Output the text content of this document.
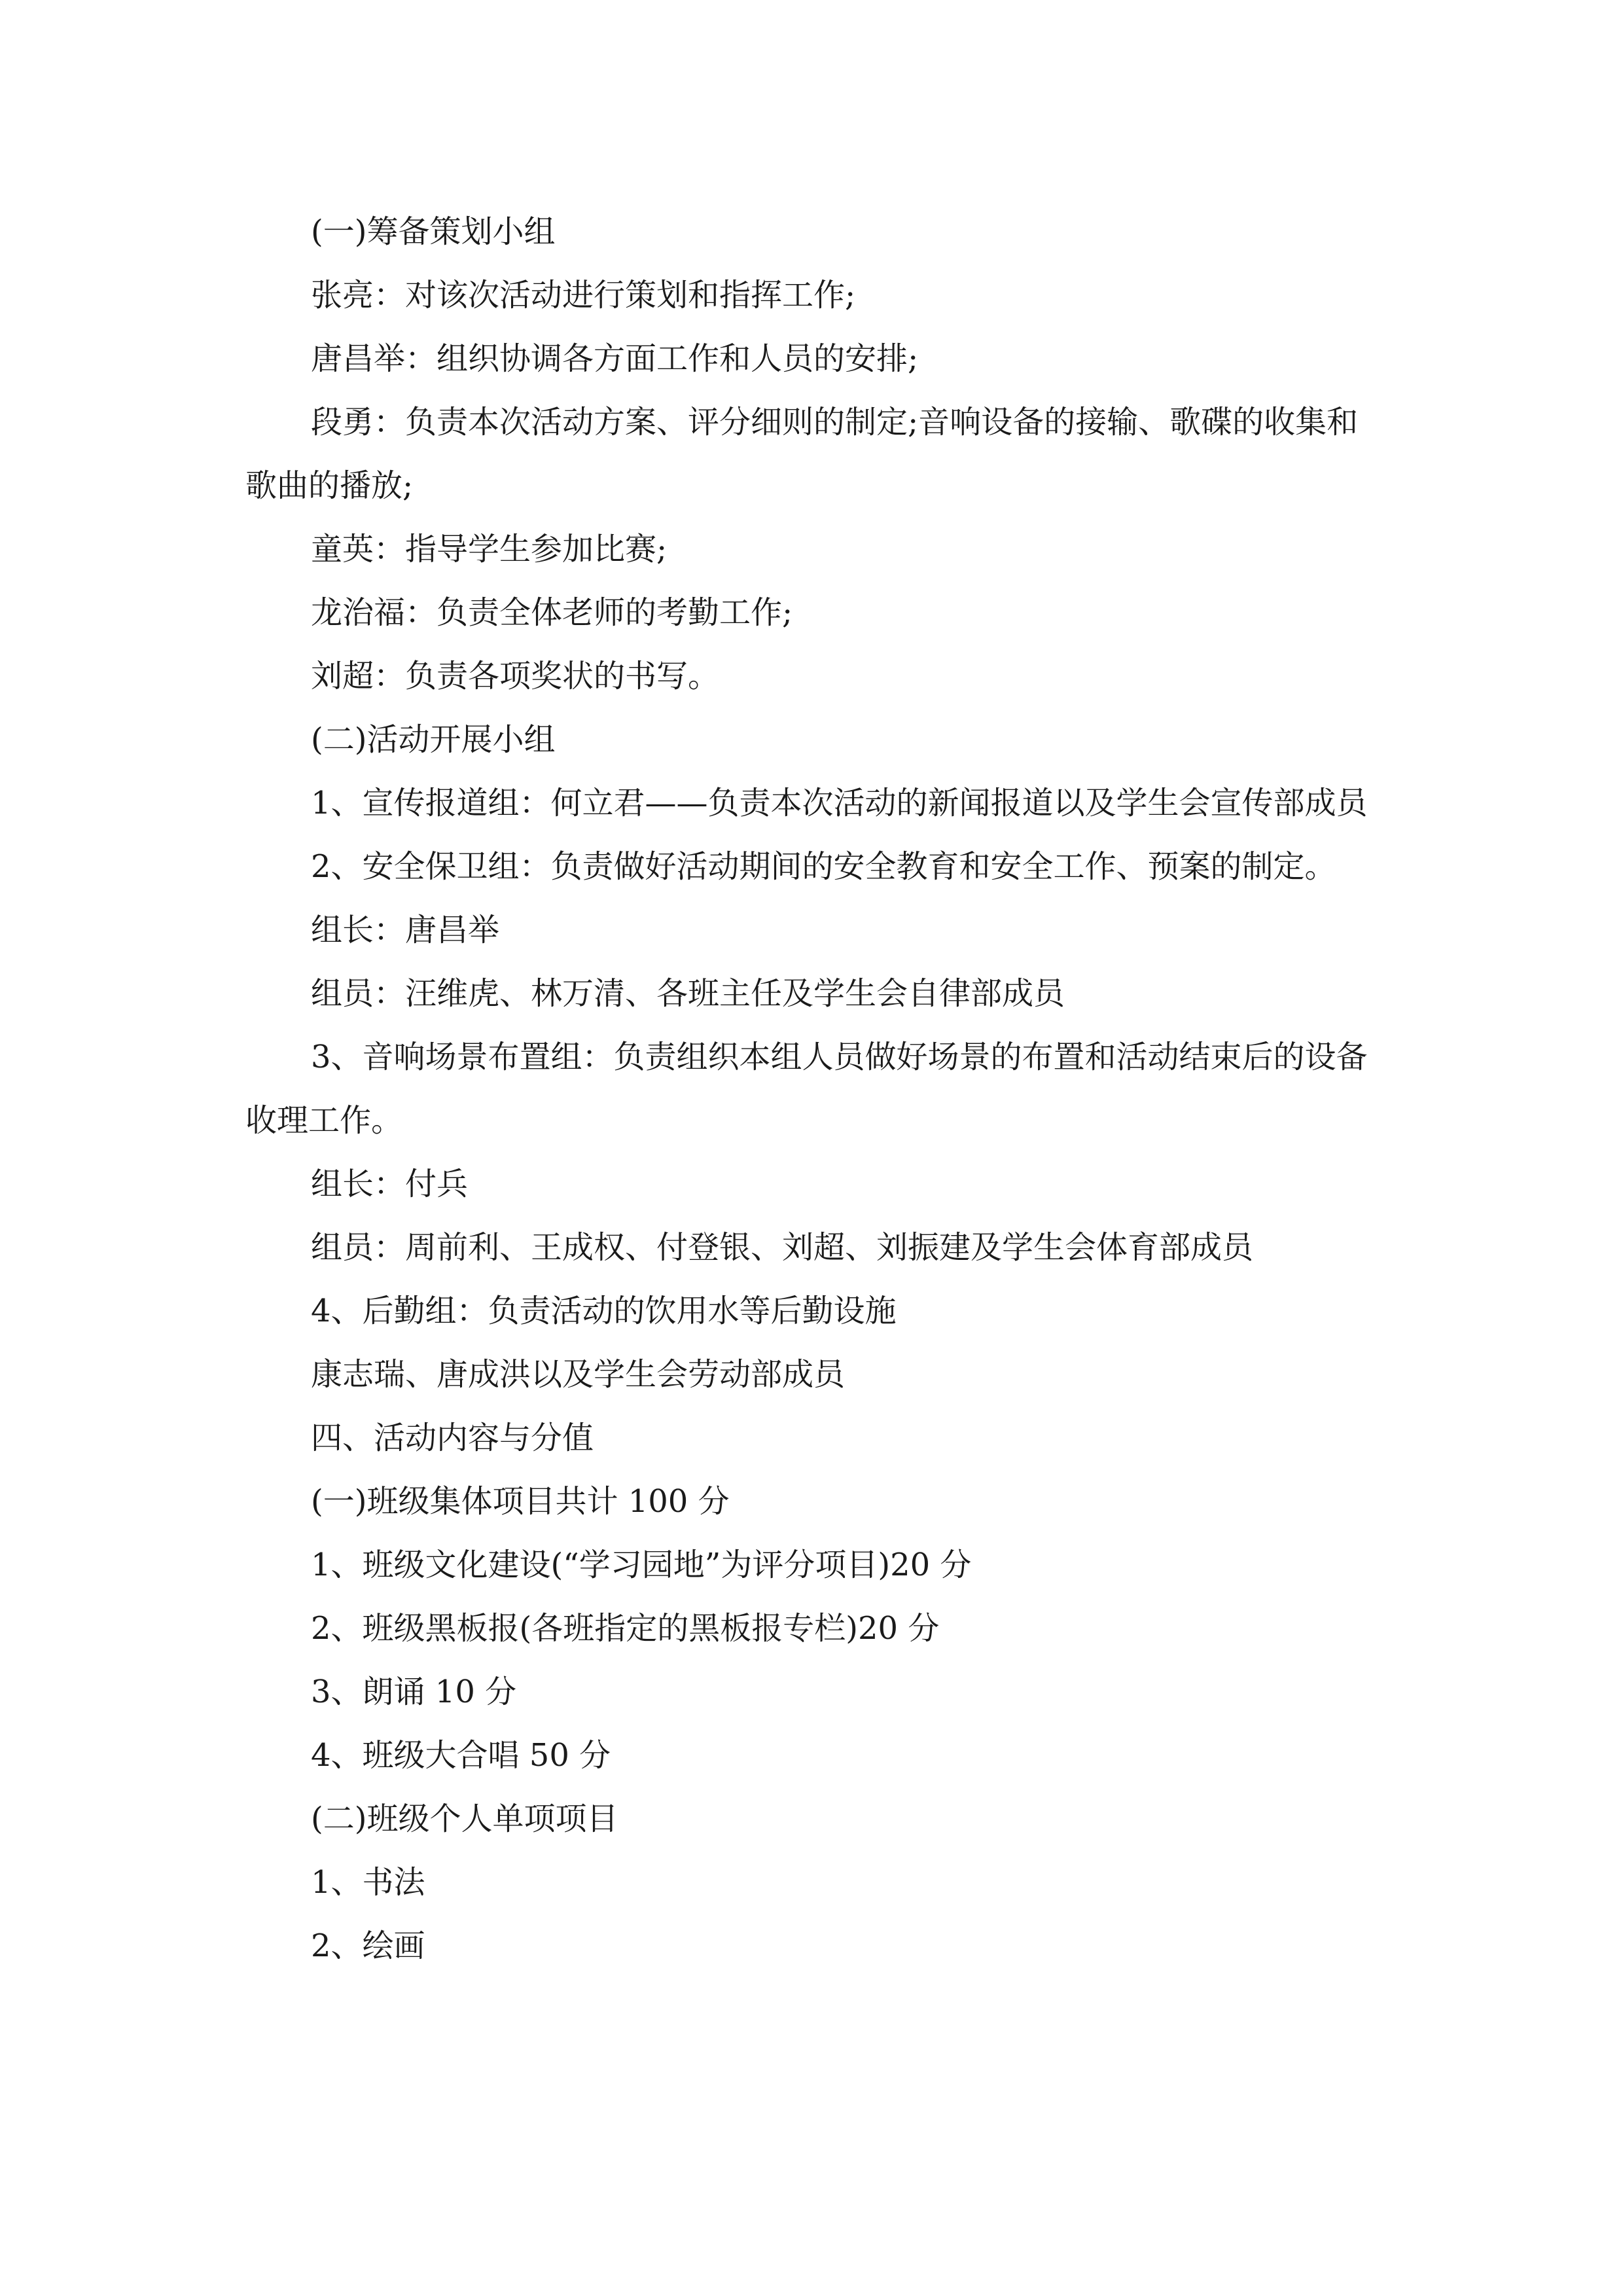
(一)筹备策划小组

张亮：对该次活动进行策划和指挥工作;

唐昌举：组织协调各方面工作和人员的安排;

段勇：负责本次活动方案、评分细则的制定;音响设备的接输、歌碟的收集和歌曲的播放;

童英：指导学生参加比赛;

龙治福：负责全体老师的考勤工作;

刘超：负责各项奖状的书写。

(二)活动开展小组

1、宣传报道组：何立君——负责本次活动的新闻报道以及学生会宣传部成员

2、安全保卫组：负责做好活动期间的安全教育和安全工作、预案的制定。

组长：唐昌举

组员：汪维虎、林万清、各班主任及学生会自律部成员

3、音响场景布置组：负责组织本组人员做好场景的布置和活动结束后的设备收理工作。

组长：付兵

组员：周前利、王成权、付登银、刘超、刘振建及学生会体育部成员

4、后勤组：负责活动的饮用水等后勤设施

康志瑞、唐成洪以及学生会劳动部成员

四、活动内容与分值

(一)班级集体项目共计 100 分

1、班级文化建设(“学习园地”为评分项目)20 分

2、班级黑板报(各班指定的黑板报专栏)20 分

3、朗诵 10 分

4、班级大合唱 50 分

(二)班级个人单项项目

1、书法

2、绘画
